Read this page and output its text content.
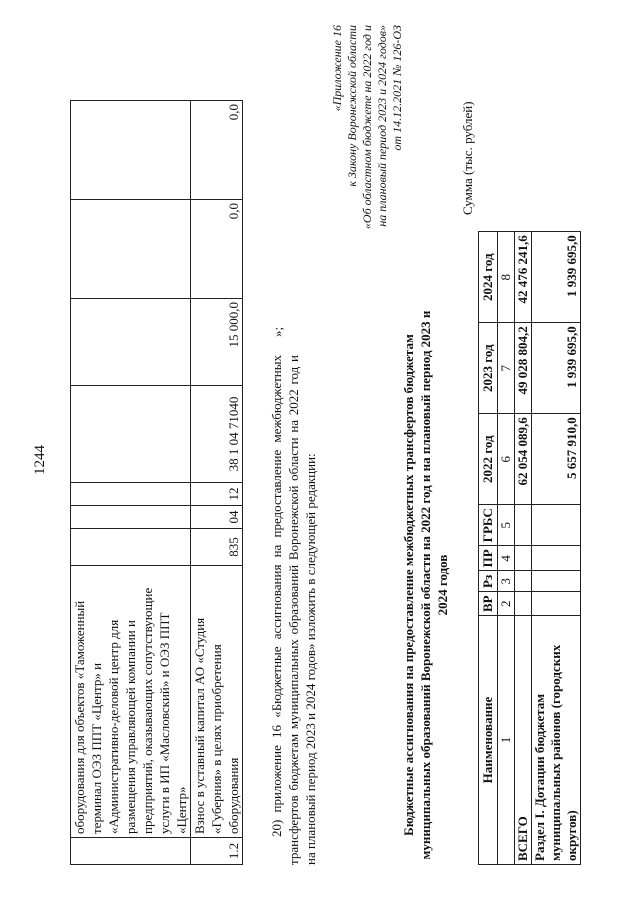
1244
	оборудования для объектов «Таможенный терминал ОЭЗ ППТ «Центр» и «Административно-деловой центр для размещения управляющей компании и предприятий, оказывающих сопутствующие услуги в ИП «Масловский» и ОЭЗ ППТ «Центр»							
1.2	Взнос в уставный капитал АО «Студия «Губерния» в целях приобретения оборудования	835	04	12	38 1 04 71040	15 000,0	0,0	0,0
20) приложение 16 «Бюджетные ассигнования на предоставление межбюджетных трансфертов бюджетам муниципальных образований Воронежской области на 2022 год и на плановый период 2023 и 2024 годов» изложить в следующей редакции:
»;
«Приложение 16 к Закону Воронежской области «Об областном бюджете на 2022 год и на плановый период 2023 и 2024 годов» от 14.12.2021 № 126-ОЗ
Бюджетные ассигнования на предоставление межбюджетных трансфертов бюджетам муниципальных образований Воронежской области на 2022 год и на плановый период 2023 и 2024 годов
Сумма (тыс. рублей)
Наименование	ВР	Рз	ПР	ГРБС	2022 год	2023 год	2024 год
1	2	3	4	5	6	7	8
ВСЕГО					62 054 089,6	49 028 804,2	42 476 241,6
Раздел I. Дотации бюджетам муниципальных районов (городских округов)					5 657 910,0	1 939 695,0	1 939 695,0
